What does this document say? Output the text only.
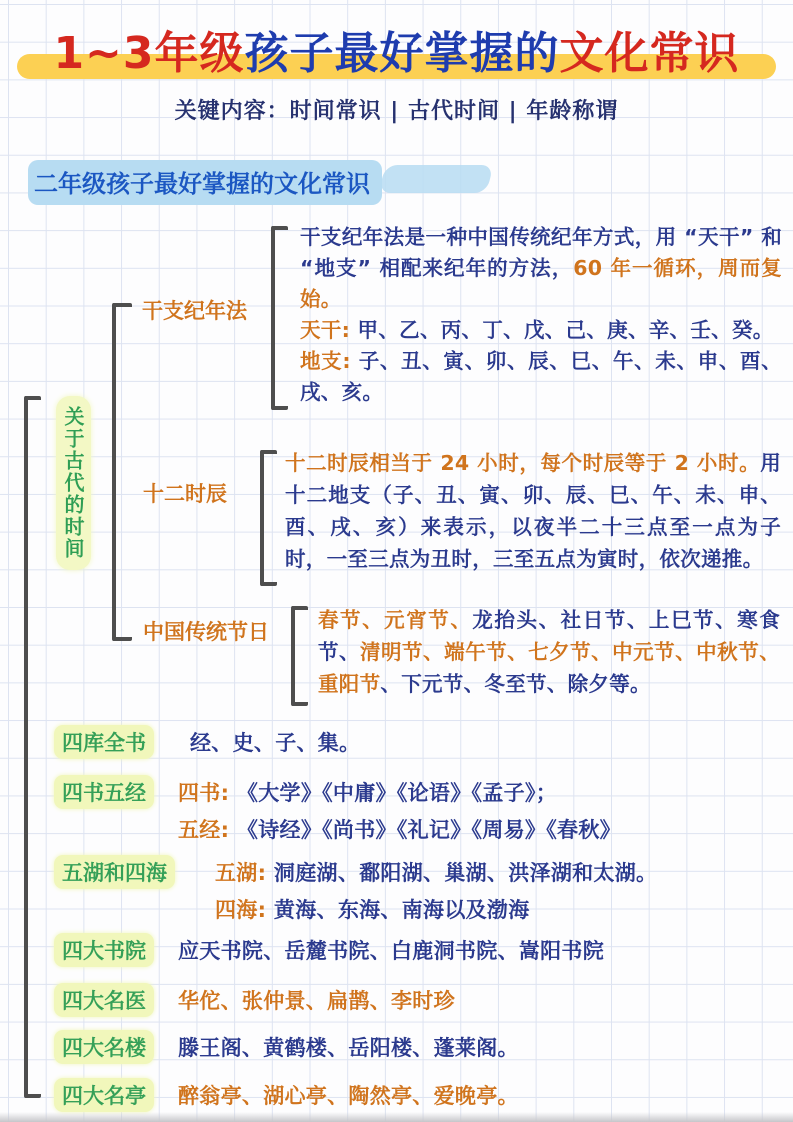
1~3年级孩子最好掌握的文化常识
关键内容：时间常识 | 古代时间 | 年龄称谓
二年级孩子最好掌握的文化常识
关于古代的时间
干支纪年法

干支纪年法是一种中国传统纪年方式，用 “天干” 和 “地支” 相配来纪年的方法，60 年一循环，周而复始。

天干: 甲、乙、丙、丁、戊、己、庚、辛、壬、癸。

地支: 子、丑、寅、卯、辰、巳、午、未、申、酉、戌、亥。

十二时辰

十二时辰相当于 24 小时，每个时辰等于 2 小时。用十二地支（子、丑、寅、卯、辰、巳、午、未、申、酉、戌、亥）来表示，以夜半二十三点至一点为子时，一至三点为丑时，三至五点为寅时，依次递推。

中国传统节日 春节、元宵节、龙抬头、社日节、上巳节、寒食节、清明节、端午节、七夕节、中元节、中秋节、重阳节、下元节、冬至节、除夕等。

四库全书	经、史、子、集。
四书五经	四书: 《大学》《中庸》《论语》《孟子》；
五经: 《诗经》《尚书》《礼记》《周易》《春秋》
五湖和四海	五湖: 洞庭湖、鄱阳湖、巢湖、洪泽湖和太湖。
四海: 黄海、东海、南海以及渤海
四大书院	应天书院、岳麓书院、白鹿洞书院、嵩阳书院
四大名医	华佗、张仲景、扁鹊、李时珍
四大名楼	滕王阁、黄鹤楼、岳阳楼、蓬莱阁。
四大名亭	醉翁亭、湖心亭、陶然亭、爱晚亭。
